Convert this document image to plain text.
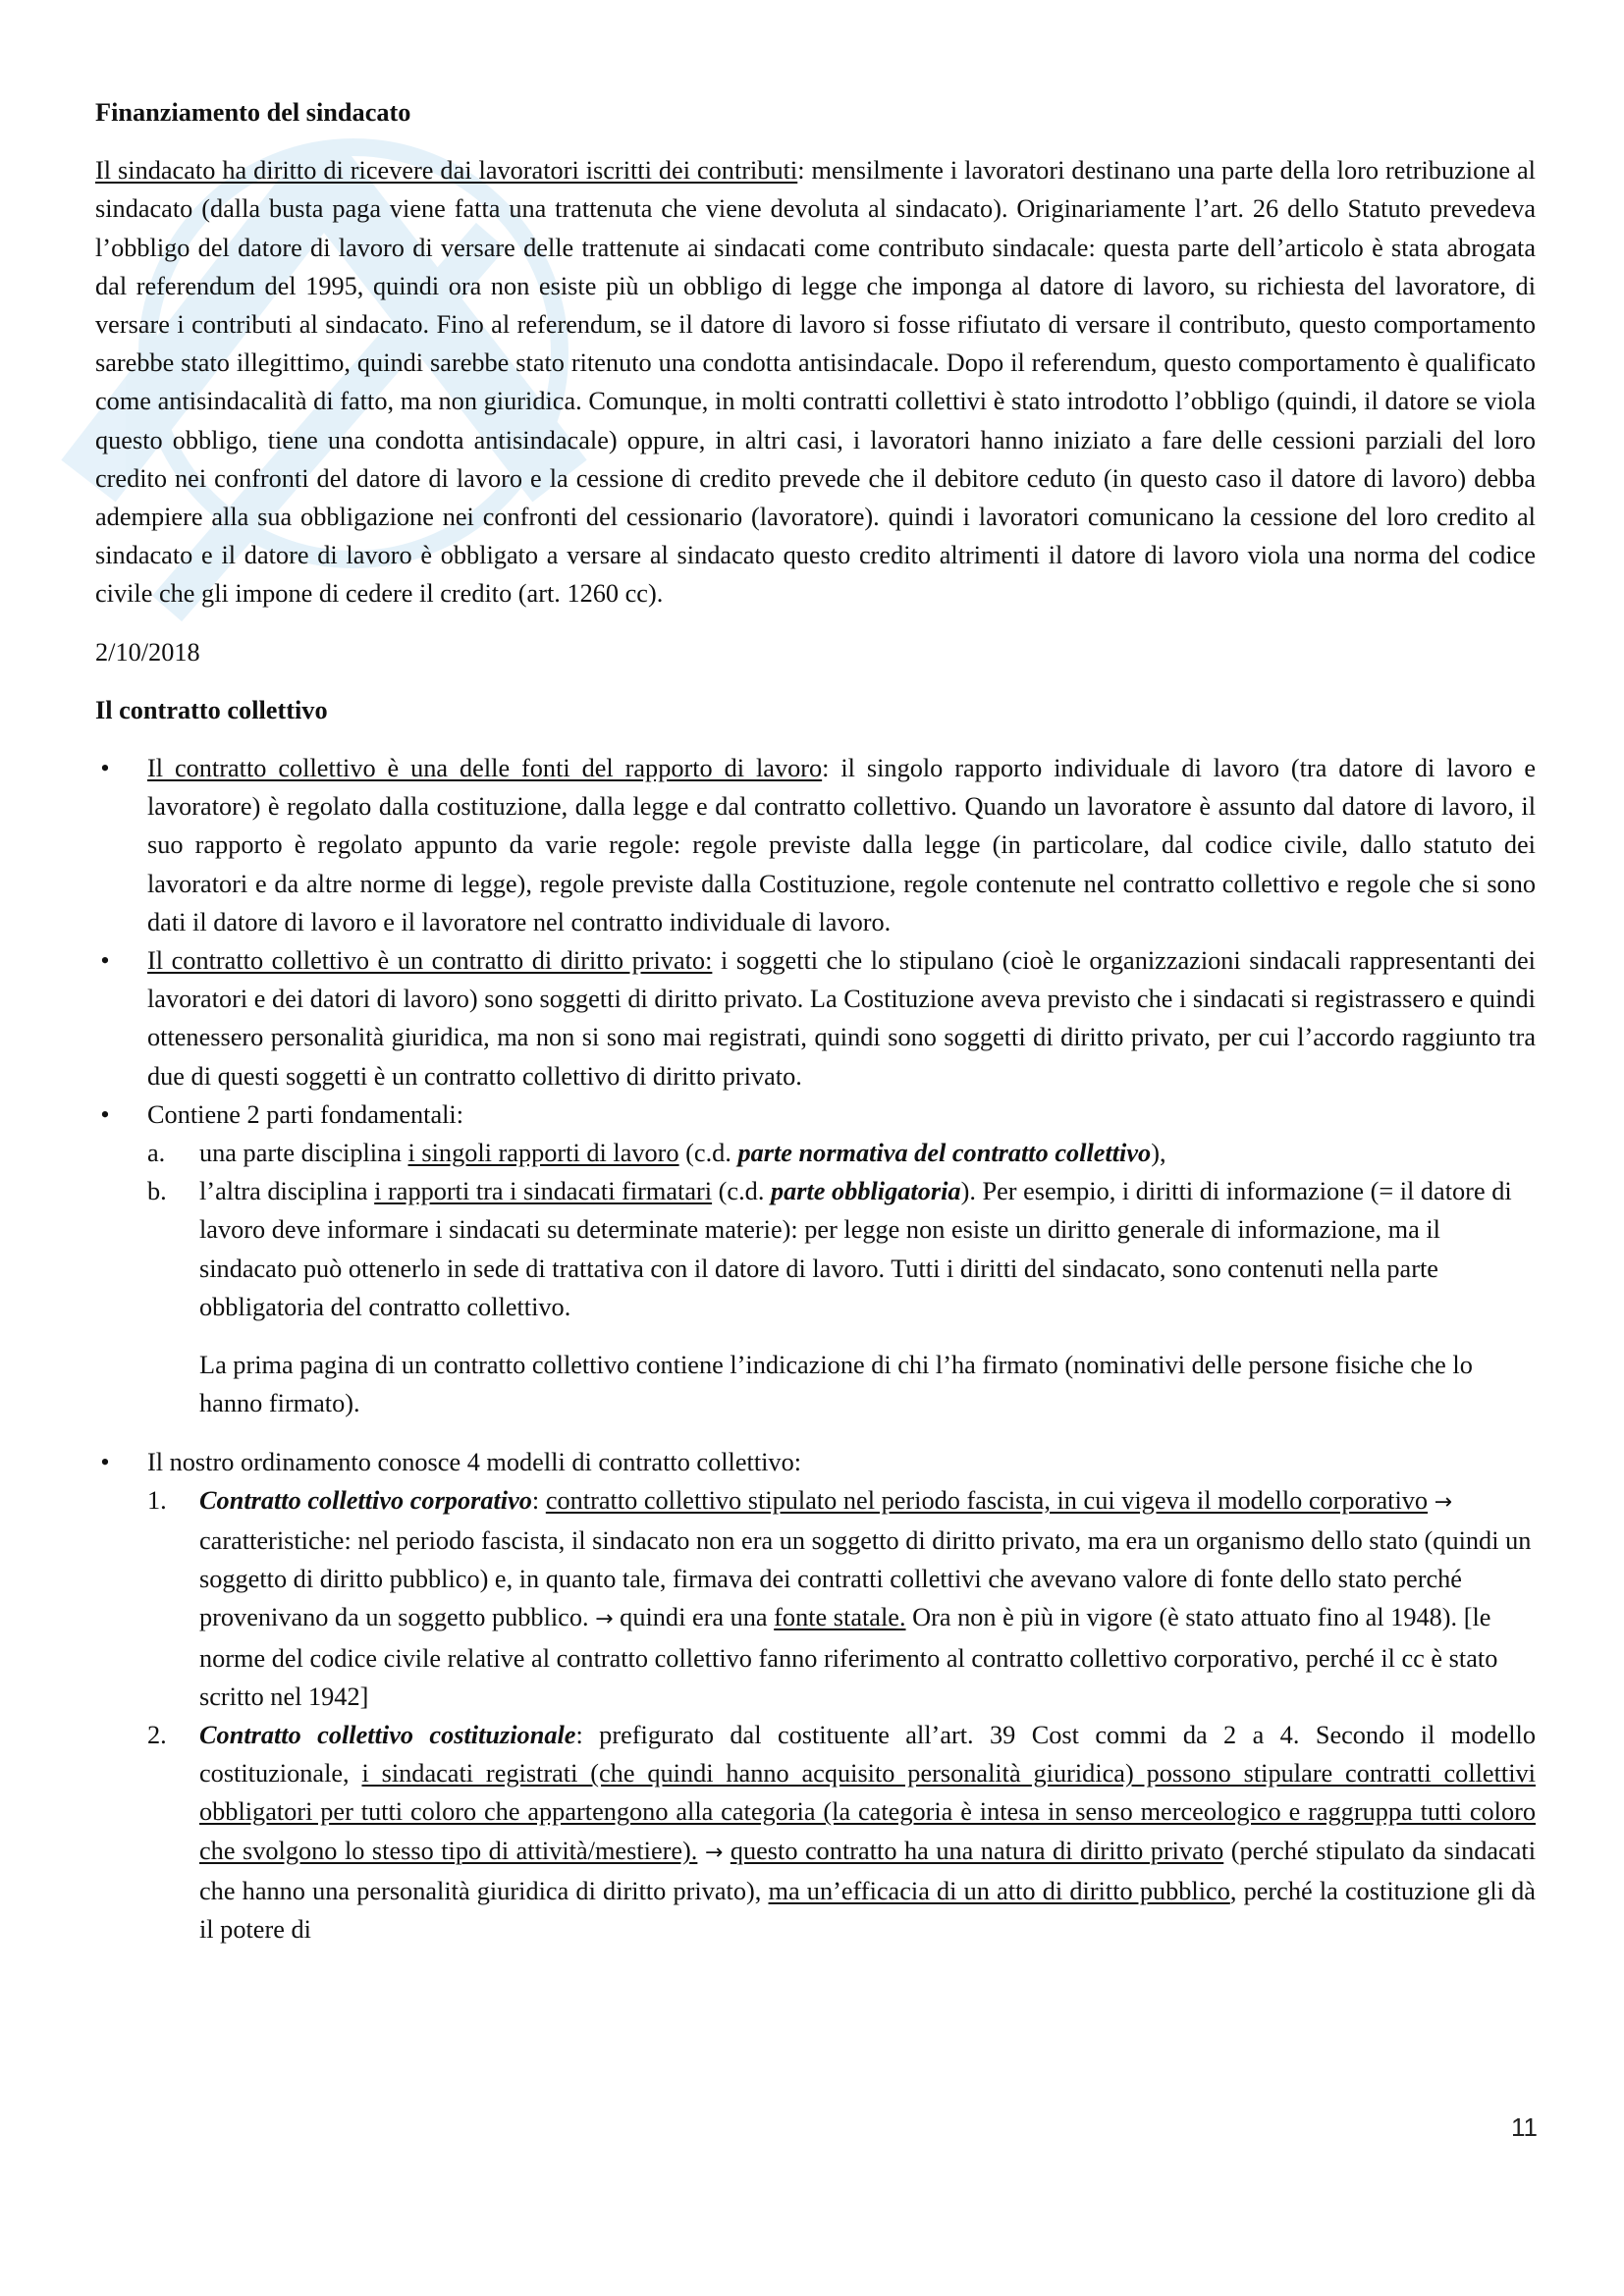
Finanziamento del sindacato

Il sindacato ha diritto di ricevere dai lavoratori iscritti dei contributi: mensilmente i lavoratori destinano una parte della loro retribuzione al sindacato (dalla busta paga viene fatta una trattenuta che viene devoluta al sindacato). Originariamente l’art. 26 dello Statuto prevedeva l’obbligo del datore di lavoro di versare delle trattenute ai sindacati come contributo sindacale: questa parte dell’articolo è stata abrogata dal referendum del 1995, quindi ora non esiste più un obbligo di legge che imponga al datore di lavoro, su richiesta del lavoratore, di versare i contributi al sindacato. Fino al referendum, se il datore di lavoro si fosse rifiutato di versare il contributo, questo comportamento sarebbe stato illegittimo, quindi sarebbe stato ritenuto una condotta antisindacale. Dopo il referendum, questo comportamento è qualificato come antisindacalità di fatto, ma non giuridica. Comunque, in molti contratti collettivi è stato introdotto l’obbligo (quindi, il datore se viola questo obbligo, tiene una condotta antisindacale) oppure, in altri casi, i lavoratori hanno iniziato a fare delle cessioni parziali del loro credito nei confronti del datore di lavoro e la cessione di credito prevede che il debitore ceduto (in questo caso il datore di lavoro) debba adempiere alla sua obbligazione nei confronti del cessionario (lavoratore). quindi i lavoratori comunicano la cessione del loro credito al sindacato e il datore di lavoro è obbligato a versare al sindacato questo credito altrimenti il datore di lavoro viola una norma del codice civile che gli impone di cedere il credito (art. 1260 cc).

2/10/2018

Il contratto collettivo

• Il contratto collettivo è una delle fonti del rapporto di lavoro: il singolo rapporto individuale di lavoro (tra datore di lavoro e lavoratore) è regolato dalla costituzione, dalla legge e dal contratto collettivo. Quando un lavoratore è assunto dal datore di lavoro, il suo rapporto è regolato appunto da varie regole: regole previste dalla legge (in particolare, dal codice civile, dallo statuto dei lavoratori e da altre norme di legge), regole previste dalla Costituzione, regole contenute nel contratto collettivo e regole che si sono dati il datore di lavoro e il lavoratore nel contratto individuale di lavoro.
• Il contratto collettivo è un contratto di diritto privato: i soggetti che lo stipulano (cioè le organizzazioni sindacali rappresentanti dei lavoratori e dei datori di lavoro) sono soggetti di diritto privato. La Costituzione aveva previsto che i sindacati si registrassero e quindi ottenessero personalità giuridica, ma non si sono mai registrati, quindi sono soggetti di diritto privato, per cui l’accordo raggiunto tra due di questi soggetti è un contratto collettivo di diritto privato.
• Contiene 2 parti fondamentali:
a. una parte disciplina i singoli rapporti di lavoro (c.d. parte normativa del contratto collettivo),
b. l’altra disciplina i rapporti tra i sindacati firmatari (c.d. parte obbligatoria). Per esempio, i diritti di informazione (= il datore di lavoro deve informare i sindacati su determinate materie): per legge non esiste un diritto generale di informazione, ma il sindacato può ottenerlo in sede di trattativa con il datore di lavoro. Tutti i diritti del sindacato, sono contenuti nella parte obbligatoria del contratto collettivo.

La prima pagina di un contratto collettivo contiene l’indicazione di chi l’ha firmato (nominativi delle persone fisiche che lo hanno firmato).

• Il nostro ordinamento conosce 4 modelli di contratto collettivo:
1. Contratto collettivo corporativo: contratto collettivo stipulato nel periodo fascista, in cui vigeva il modello corporativo → caratteristiche: nel periodo fascista, il sindacato non era un soggetto di diritto privato, ma era un organismo dello stato (quindi un soggetto di diritto pubblico) e, in quanto tale, firmava dei contratti collettivi che avevano valore di fonte dello stato perché provenivano da un soggetto pubblico. → quindi era una fonte statale. Ora non è più in vigore (è stato attuato fino al 1948). [le norme del codice civile relative al contratto collettivo fanno riferimento al contratto collettivo corporativo, perché il cc è stato scritto nel 1942]
2. Contratto collettivo costituzionale: prefigurato dal costituente all’art. 39 Cost commi da 2 a 4. Secondo il modello costituzionale, i sindacati registrati (che quindi hanno acquisito personalità giuridica) possono stipulare contratti collettivi obbligatori per tutti coloro che appartengono alla categoria (la categoria è intesa in senso merceologico e raggruppa tutti coloro che svolgono lo stesso tipo di attività/mestiere). → questo contratto ha una natura di diritto privato (perché stipulato da sindacati che hanno una personalità giuridica di diritto privato), ma un’efficacia di un atto di diritto pubblico, perché la costituzione gli dà il potere di
11
